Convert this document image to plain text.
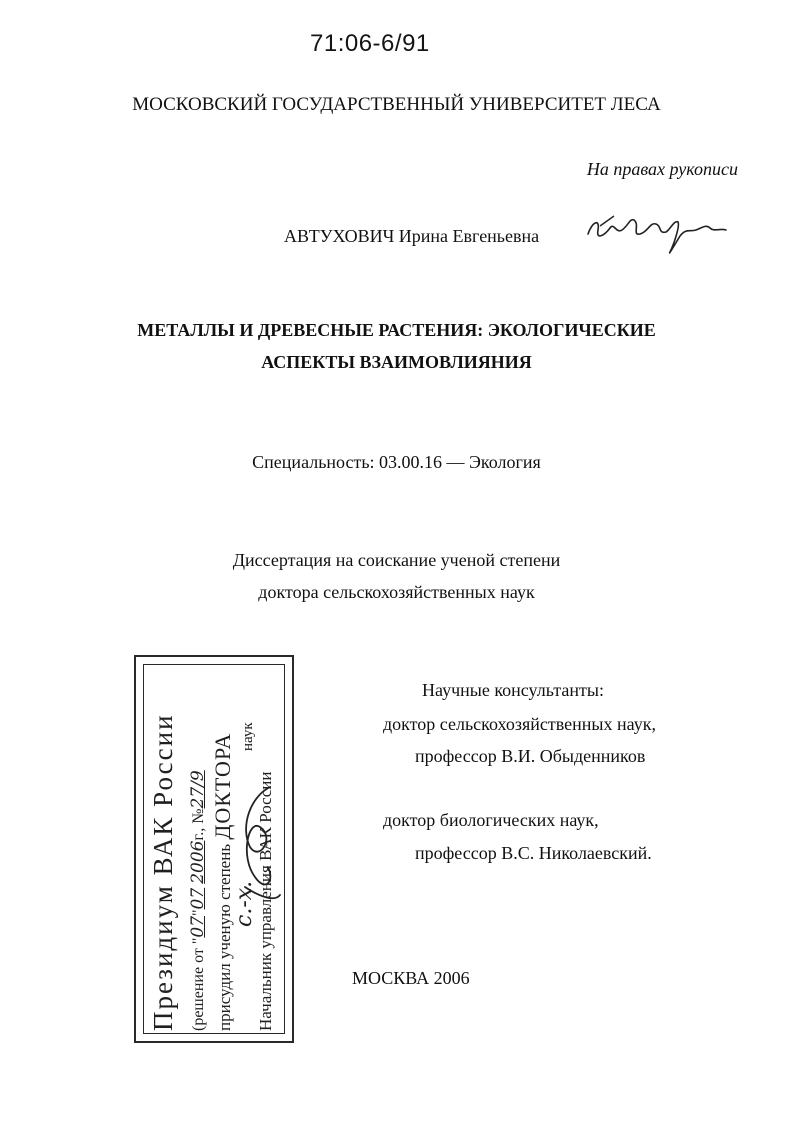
71:06-6/91
МОСКОВСКИЙ ГОСУДАРСТВЕННЫЙ УНИВЕРСИТЕТ ЛЕСА
На правах рукописи
АВТУХОВИЧ Ирина Евгеньевна
МЕТАЛЛЫ И ДРЕВЕСНЫЕ РАСТЕНИЯ: ЭКОЛОГИЧЕСКИЕ
АСПЕКТЫ ВЗАИМОВЛИЯНИЯ
Специальность: 03.00.16 — Экология
Диссертация на соискание ученой степени
доктора сельскохозяйственных наук
Научные консультанты:
доктор сельскохозяйственных наук,
профессор В.И. Обыденников
доктор биологических наук,
профессор В.С. Николаевский.
МОСКВА 2006
Президиум ВАК России (решение от "07"07 2006г., №27/9
присудил ученую степень ДОКТОРА
с.-х.
наук
Начальник управления ВАК России
